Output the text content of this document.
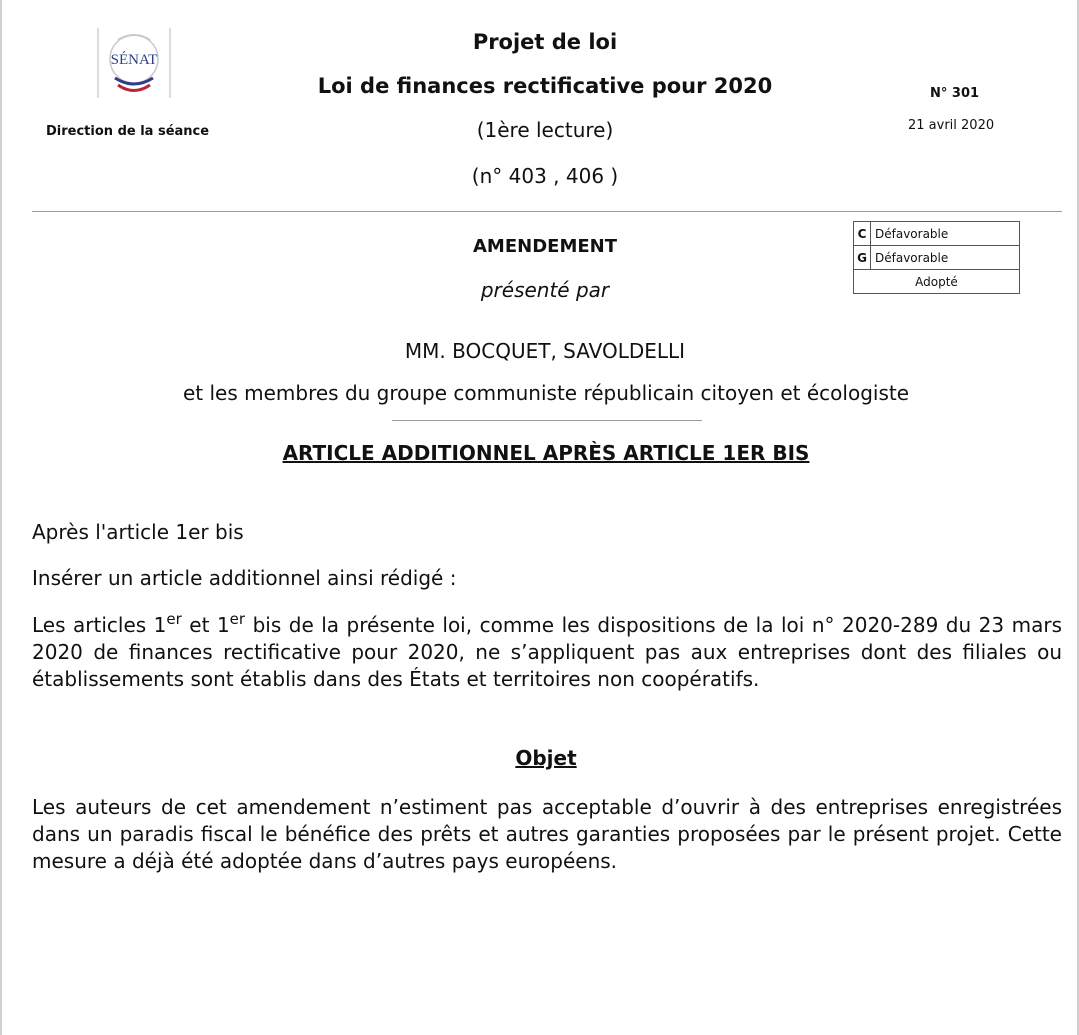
SÉNAT
Direction de la séance
Projet de loi
Loi de finances rectificative pour 2020
(1ère lecture)
(n° 403 , 406 )
N° 301
21 avril 2020
C Défavorable
G Défavorable
Adopté
AMENDEMENT
présenté par
MM. BOCQUET, SAVOLDELLI
et les membres du groupe communiste républicain citoyen et écologiste
ARTICLE ADDITIONNEL APRÈS ARTICLE 1ER BIS
Après l'article 1er bis
Insérer un article additionnel ainsi rédigé :
Les articles 1er et 1er bis de la présente loi, comme les dispositions de la loi n° 2020-289 du 23 mars 2020 de finances rectificative pour 2020, ne s’appliquent pas aux entreprises dont des filiales ou établissements sont établis dans des États et territoires non coopératifs.
Objet
Les auteurs de cet amendement n’estiment pas acceptable d’ouvrir à des entreprises enregistrées dans un paradis fiscal le bénéfice des prêts et autres garanties proposées par le présent projet. Cette mesure a déjà été adoptée dans d’autres pays européens.
